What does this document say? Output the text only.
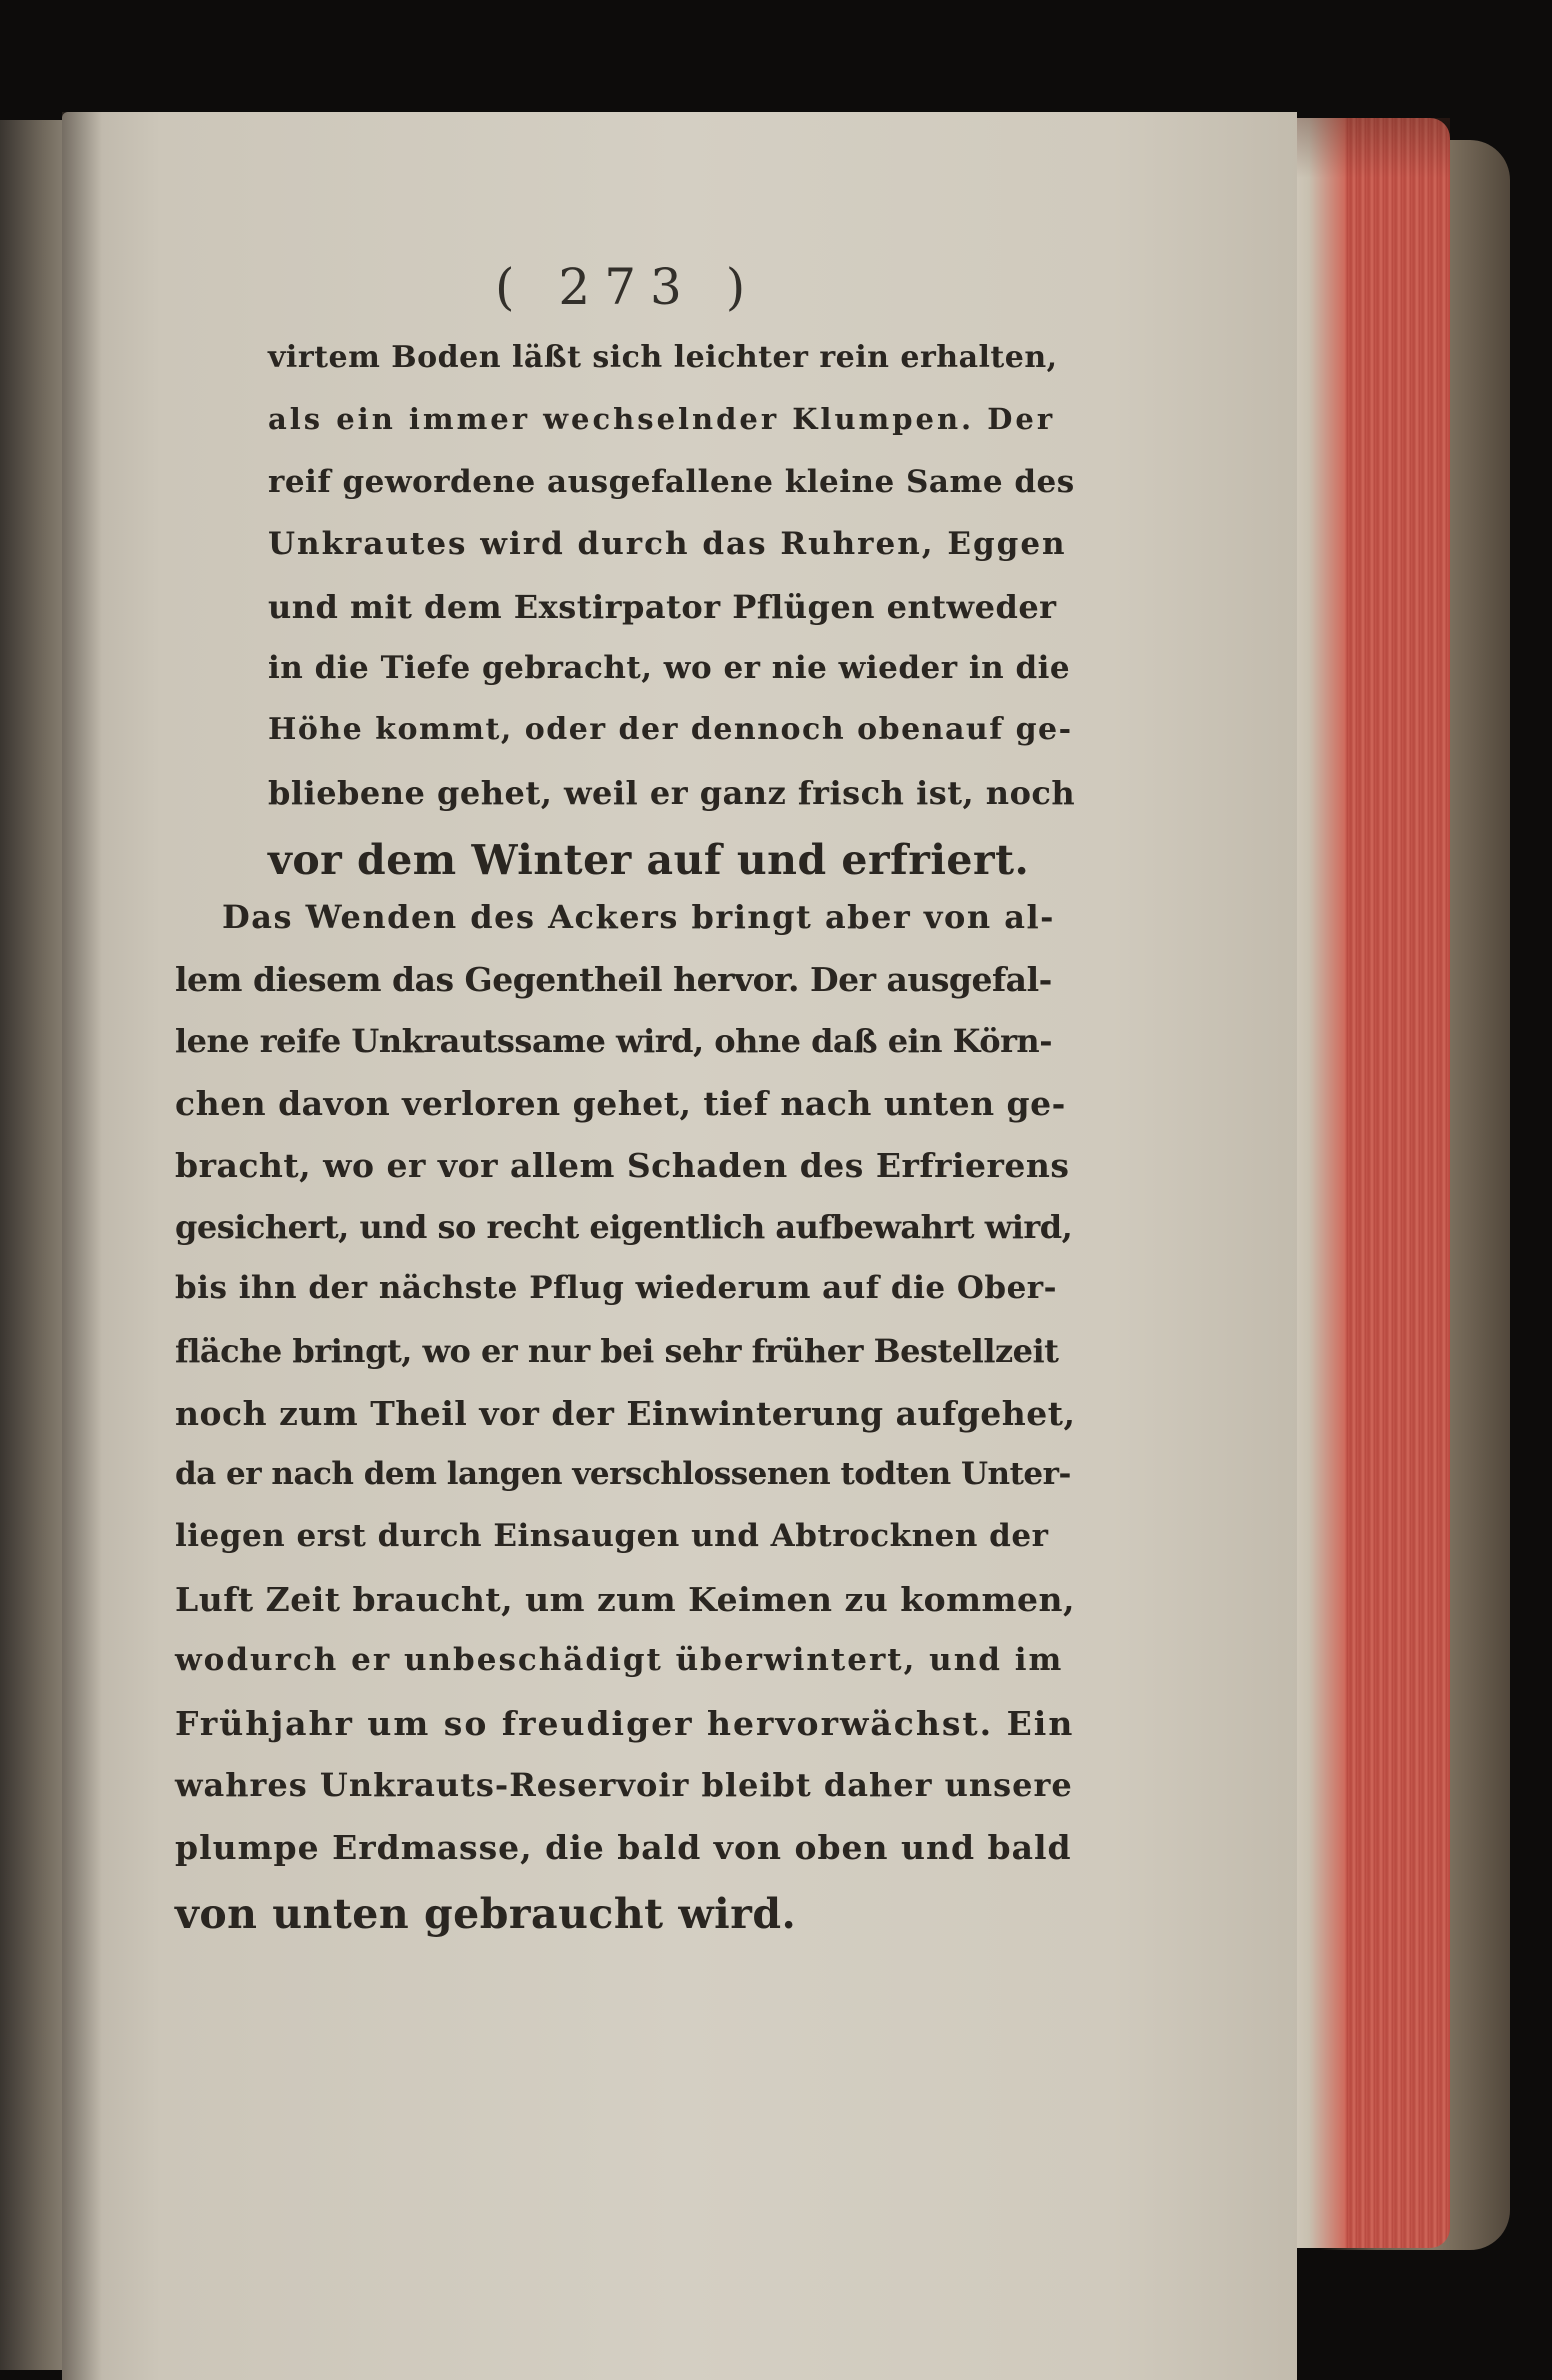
( 273 )
virtem Boden läßt sich leichter rein erhalten,
als ein immer wechselnder Klumpen. Der
reif gewordene ausgefallene kleine Same des
Unkrautes wird durch das Ruhren, Eggen
und mit dem Exstirpator Pflügen entweder
in die Tiefe gebracht, wo er nie wieder in die
Höhe kommt, oder der dennoch obenauf ge-
bliebene gehet, weil er ganz frisch ist, noch
vor dem Winter auf und erfriert.
Das Wenden des Ackers bringt aber von al-
lem diesem das Gegentheil hervor. Der ausgefal-
lene reife Unkrautssame wird, ohne daß ein Körn-
chen davon verloren gehet, tief nach unten ge-
bracht, wo er vor allem Schaden des Erfrierens
gesichert, und so recht eigentlich aufbewahrt wird,
bis ihn der nächste Pflug wiederum auf die Ober-
fläche bringt, wo er nur bei sehr früher Bestellzeit
noch zum Theil vor der Einwinterung aufgehet,
da er nach dem langen verschlossenen todten Unter-
liegen erst durch Einsaugen und Abtrocknen der
Luft Zeit braucht, um zum Keimen zu kommen,
wodurch er unbeschädigt überwintert, und im
Frühjahr um so freudiger hervorwächst. Ein
wahres Unkrauts-Reservoir bleibt daher unsere
plumpe Erdmasse, die bald von oben und bald
von unten gebraucht wird.
